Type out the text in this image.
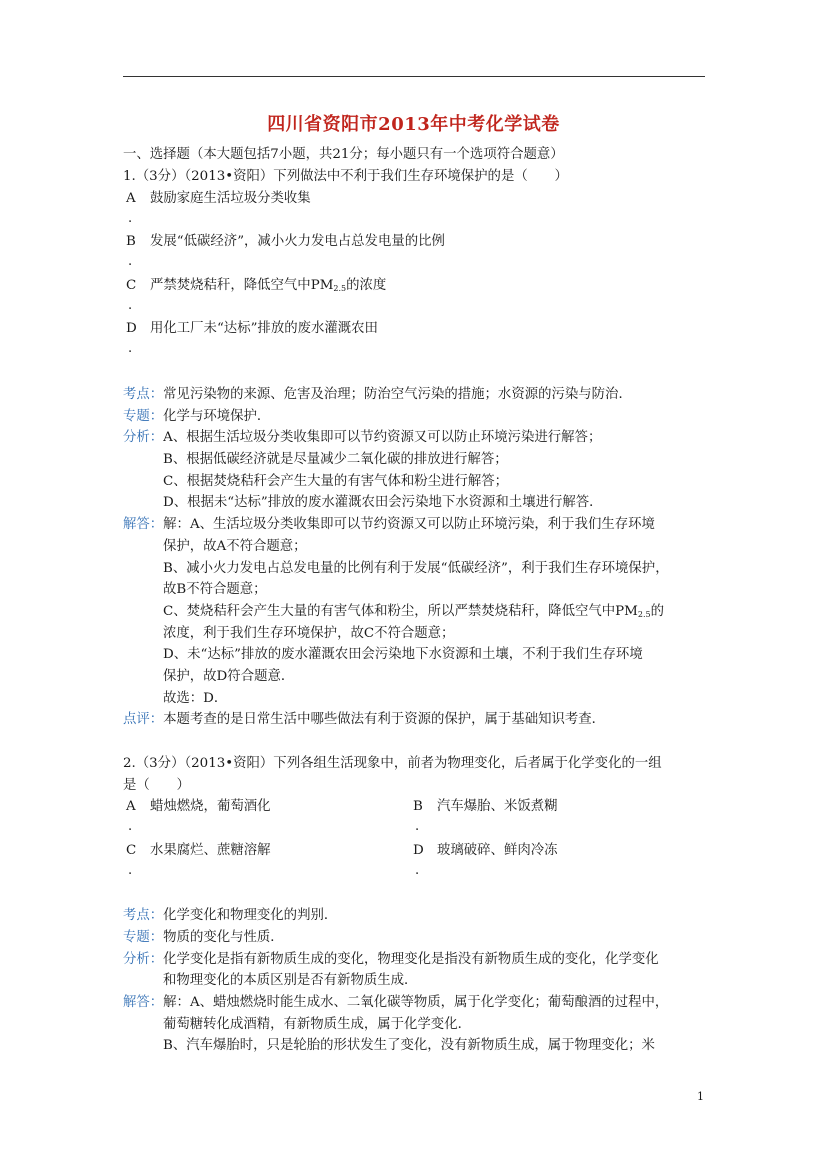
四川省资阳市2013年中考化学试卷
一、选择题（本大题包括7小题，共21分；每小题只有一个选项符合题意）
1.（3分）（2013•资阳）下列做法中不利于我们生存环境保护的是（　　）
A 鼓励家庭生活垃圾分类收集
.
B 发展“低碳经济”，减小火力发电占总发电量的比例
.
C 严禁焚烧秸秆，降低空气中$PM_{2.5}$的浓度
.
D 用化工厂未“达标”排放的废水灌溉农田
.
考点：常见污染物的来源、危害及治理；防治空气污染的措施；水资源的污染与防治．
专题：化学与环境保护．
分析：A、根据生活垃圾分类收集即可以节约资源又可以防止环境污染进行解答；
B、根据低碳经济就是尽量减少二氧化碳的排放进行解答；
C、根据焚烧秸秆会产生大量的有害气体和粉尘进行解答；
D、根据未“达标”排放的废水灌溉农田会污染地下水资源和土壤进行解答．
解答：解：A、生活垃圾分类收集即可以节约资源又可以防止环境污染，利于我们生存环境
保护，故A不符合题意；
B、减小火力发电占总发电量的比例有利于发展“低碳经济”，利于我们生存环境保护，
故B不符合题意；
C、焚烧秸秆会产生大量的有害气体和粉尘，所以严禁焚烧秸秆，降低空气中$PM_{2.5}$的
浓度，利于我们生存环境保护，故C不符合题意；
D、未“达标”排放的废水灌溉农田会污染地下水资源和土壤，不利于我们生存环境
保护，故D符合题意．
故选：D．
点评：本题考查的是日常生活中哪些做法有利于资源的保护，属于基础知识考查．
2.（3分）（2013•资阳）下列各组生活现象中，前者为物理变化，后者属于化学变化的一组
是（　　）
A 蜡烛燃烧，葡萄酒化
.
B 汽车爆胎、米饭煮糊
.
C 水果腐烂、蔗糖溶解
.
D 玻璃破碎、鲜肉冷冻
.
考点：化学变化和物理变化的判别．
专题：物质的变化与性质．
分析：化学变化是指有新物质生成的变化，物理变化是指没有新物质生成的变化，化学变化
和物理变化的本质区别是否有新物质生成．
解答：解：A、蜡烛燃烧时能生成水、二氧化碳等物质，属于化学变化；葡萄酿酒的过程中，
葡萄糖转化成酒精，有新物质生成，属于化学变化．
B、汽车爆胎时，只是轮胎的形状发生了变化，没有新物质生成，属于物理变化；米
1
